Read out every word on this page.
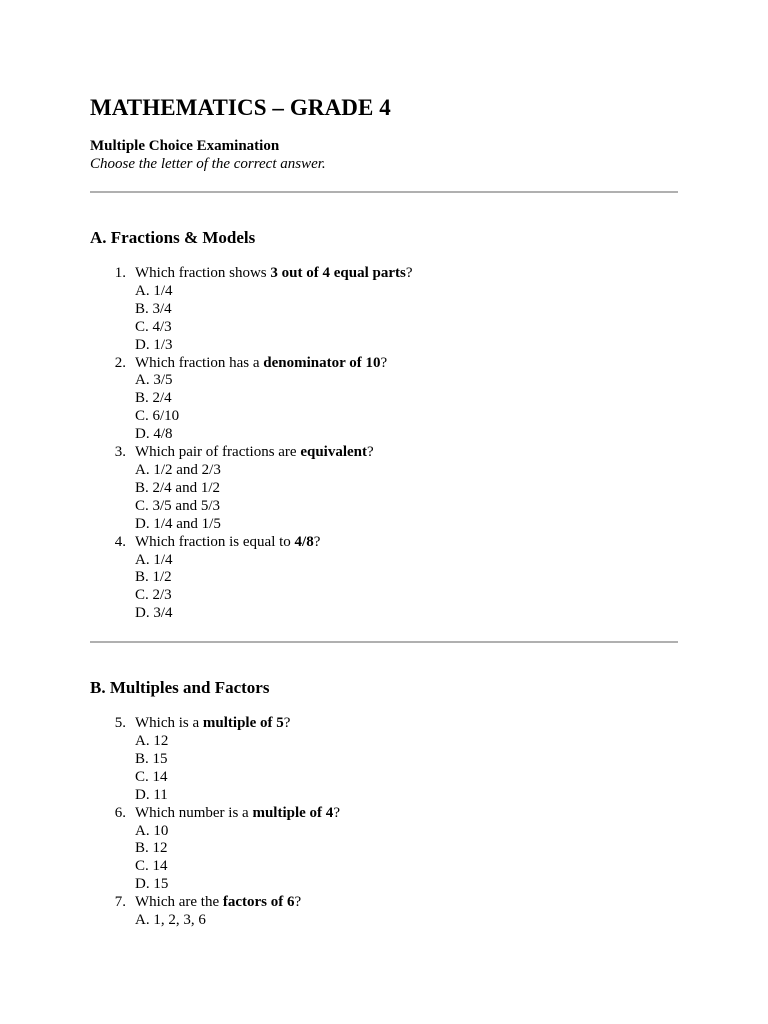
MATHEMATICS – GRADE 4

Multiple Choice Examination

Choose the letter of the correct answer.

A. Fractions & Models
1. Which fraction shows 3 out of 4 equal parts?
A. 1/4
B. 3/4
C. 4/3
D. 1/3
2. Which fraction has a denominator of 10?
A. 3/5
B. 2/4
C. 6/10
D. 4/8
3. Which pair of fractions are equivalent?
A. 1/2 and 2/3
B. 2/4 and 1/2
C. 3/5 and 5/3
D. 1/4 and 1/5
4. Which fraction is equal to 4/8?
A. 1/4
B. 1/2
C. 2/3
D. 3/4
B. Multiples and Factors
5. Which is a multiple of 5?
A. 12
B. 15
C. 14
D. 11
6. Which number is a multiple of 4?
A. 10
B. 12
C. 14
D. 15
7. Which are the factors of 6?
A. 1, 2, 3, 6
